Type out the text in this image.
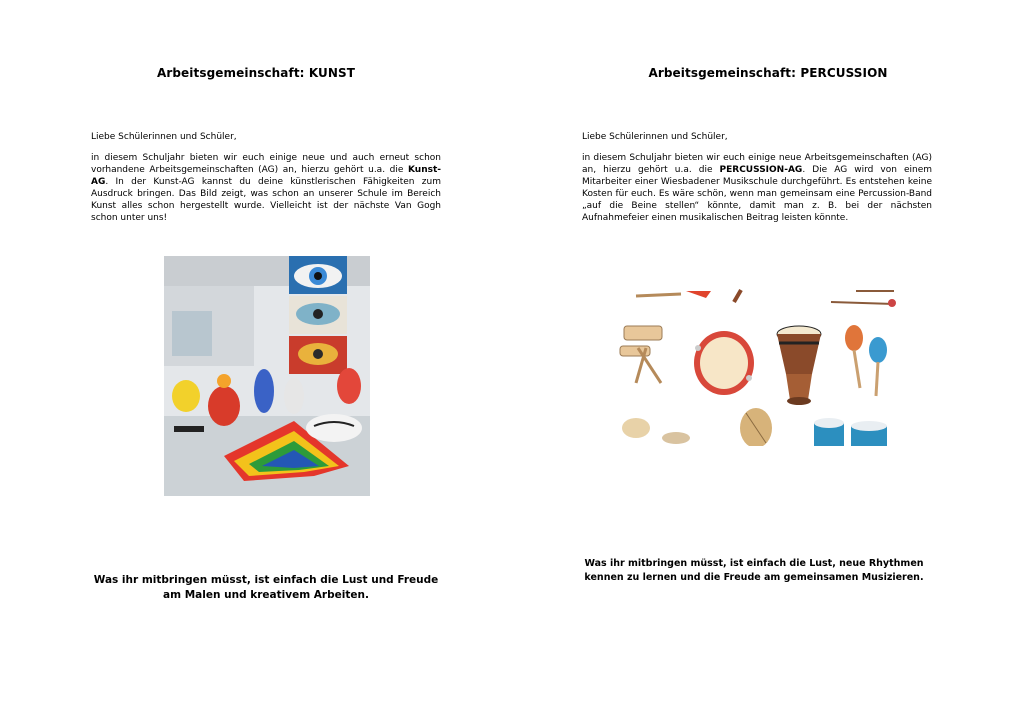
Arbeitsgemeinschaft: KUNST
Liebe Schülerinnen und Schüler,
in diesem Schuljahr bieten wir euch einige neue und auch erneut schon vorhandene Arbeitsgemeinschaften (AG) an, hierzu gehört u.a. die Kunst-AG. In der Kunst-AG kannst du deine künstlerischen Fähigkeiten zum Ausdruck bringen. Das Bild zeigt, was schon an unserer Schule im Bereich Kunst alles schon hergestellt wurde. Vielleicht ist der nächste Van Gogh schon unter uns!
Was ihr mitbringen müsst, ist einfach die Lust und Freude
am Malen und kreativem Arbeiten.
Arbeitsgemeinschaft: PERCUSSION
Liebe Schülerinnen und Schüler,
in diesem Schuljahr bieten wir euch einige neue Arbeitsgemeinschaften (AG) an, hierzu gehört u.a. die PERCUSSION-AG. Die AG wird von einem Mitarbeiter einer Wiesbadener Musikschule durchgeführt. Es entstehen keine Kosten für euch. Es wäre schön, wenn man gemeinsam eine Percussion-Band „auf die Beine stellen“ könnte, damit man z. B. bei der nächsten Aufnahmefeier einen musikalischen Beitrag leisten könnte.
Was ihr mitbringen müsst, ist einfach die Lust, neue Rhythmen
kennen zu lernen und die Freude am gemeinsamen Musizieren.
